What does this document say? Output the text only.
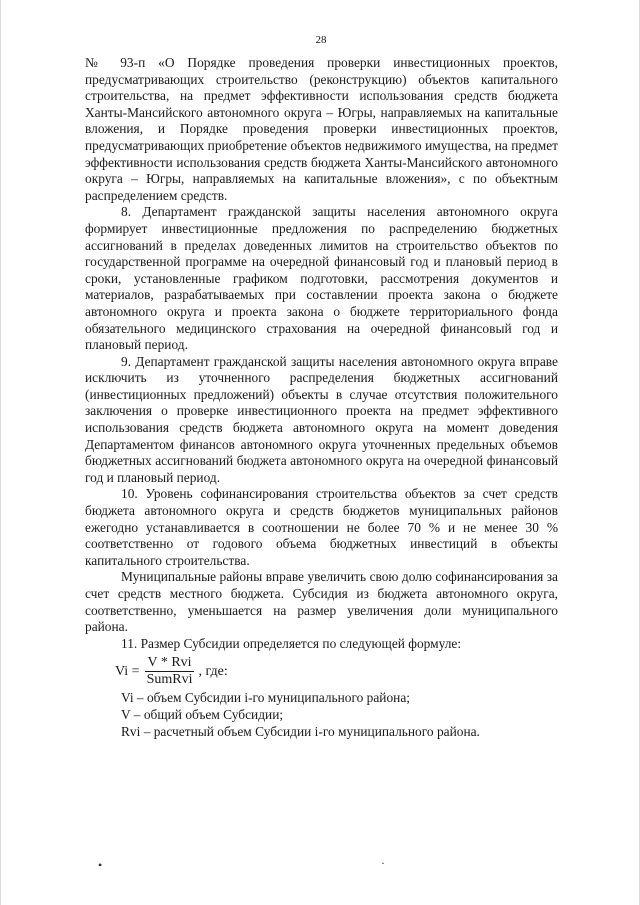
28

№ 93-п «О Порядке проведения проверки инвестиционных проектов, предусматривающих строительство (реконструкцию) объектов капитального строительства, на предмет эффективности использования средств бюджета Ханты-Мансийского автономного округа – Югры, направляемых на капитальные вложения, и Порядке проведения проверки инвестиционных проектов, предусматривающих приобретение объектов недвижимого имущества, на предмет эффективности использования средств бюджета Ханты-Мансийского автономного округа – Югры, направляемых на капитальные вложения», с по объектным распределением средств.

8. Департамент гражданской защиты населения автономного округа формирует инвестиционные предложения по распределению бюджетных ассигнований в пределах доведенных лимитов на строительство объектов по государственной программе на очередной финансовый год и плановый период в сроки, установленные графиком подготовки, рассмотрения документов и материалов, разрабатываемых при составлении проекта закона о бюджете автономного округа и проекта закона о бюджете территориального фонда обязательного медицинского страхования на очередной финансовый год и плановый период.

9. Департамент гражданской защиты населения автономного округа вправе исключить из уточненного распределения бюджетных ассигнований (инвестиционных предложений) объекты в случае отсутствия положительного заключения о проверке инвестиционного проекта на предмет эффективного использования средств бюджета автономного округа на момент доведения Департаментом финансов автономного округа уточненных предельных объемов бюджетных ассигнований бюджета автономного округа на очередной финансовый год и плановый период.

10. Уровень софинансирования строительства объектов за счет средств бюджета автономного округа и средств бюджетов муниципальных районов ежегодно устанавливается в соотношении не более 70 % и не менее 30 % соответственно от годового объема бюджетных инвестиций в объекты капитального строительства.

Муниципальные районы вправе увеличить свою долю софинансирования за счет средств местного бюджета. Субсидия из бюджета автономного округа, соответственно, уменьшается на размер увеличения доли муниципального района.

11. Размер Субсидии определяется по следующей формуле:

$Vi = \frac{\text{V * Rvi}}{\text{SumRvi}}$ , где:

Vi – объем Субсидии i-го муниципального района;

V – общий объем Субсидии;

Rvi – расчетный объем Субсидии i-го муниципального района.

•	·
